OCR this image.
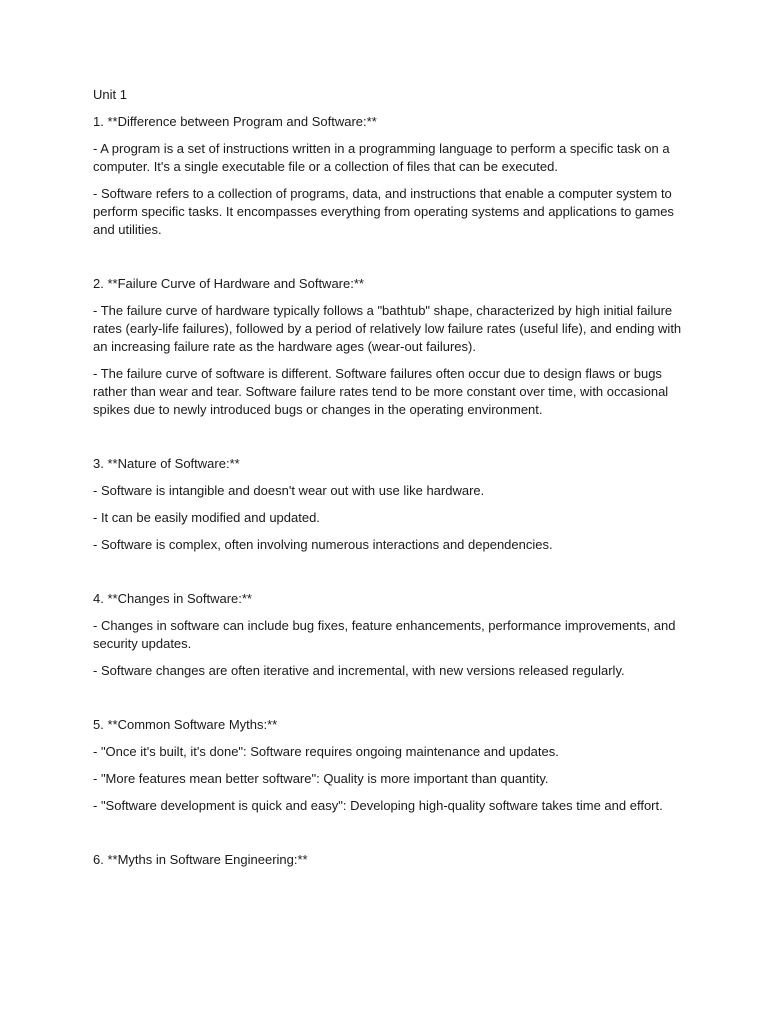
Unit 1

1. **Difference between Program and Software:**

- A program is a set of instructions written in a programming language to perform a specific task on a computer. It's a single executable file or a collection of files that can be executed.

- Software refers to a collection of programs, data, and instructions that enable a computer system to perform specific tasks. It encompasses everything from operating systems and applications to games and utilities.

2. **Failure Curve of Hardware and Software:**

- The failure curve of hardware typically follows a "bathtub" shape, characterized by high initial failure rates (early-life failures), followed by a period of relatively low failure rates (useful life), and ending with an increasing failure rate as the hardware ages (wear-out failures).

- The failure curve of software is different. Software failures often occur due to design flaws or bugs rather than wear and tear. Software failure rates tend to be more constant over time, with occasional spikes due to newly introduced bugs or changes in the operating environment.

3. **Nature of Software:**

- Software is intangible and doesn't wear out with use like hardware.

- It can be easily modified and updated.

- Software is complex, often involving numerous interactions and dependencies.

4. **Changes in Software:**

- Changes in software can include bug fixes, feature enhancements, performance improvements, and security updates.

- Software changes are often iterative and incremental, with new versions released regularly.

5. **Common Software Myths:**

- "Once it's built, it's done": Software requires ongoing maintenance and updates.

- "More features mean better software": Quality is more important than quantity.

- "Software development is quick and easy": Developing high-quality software takes time and effort.

6. **Myths in Software Engineering:**
